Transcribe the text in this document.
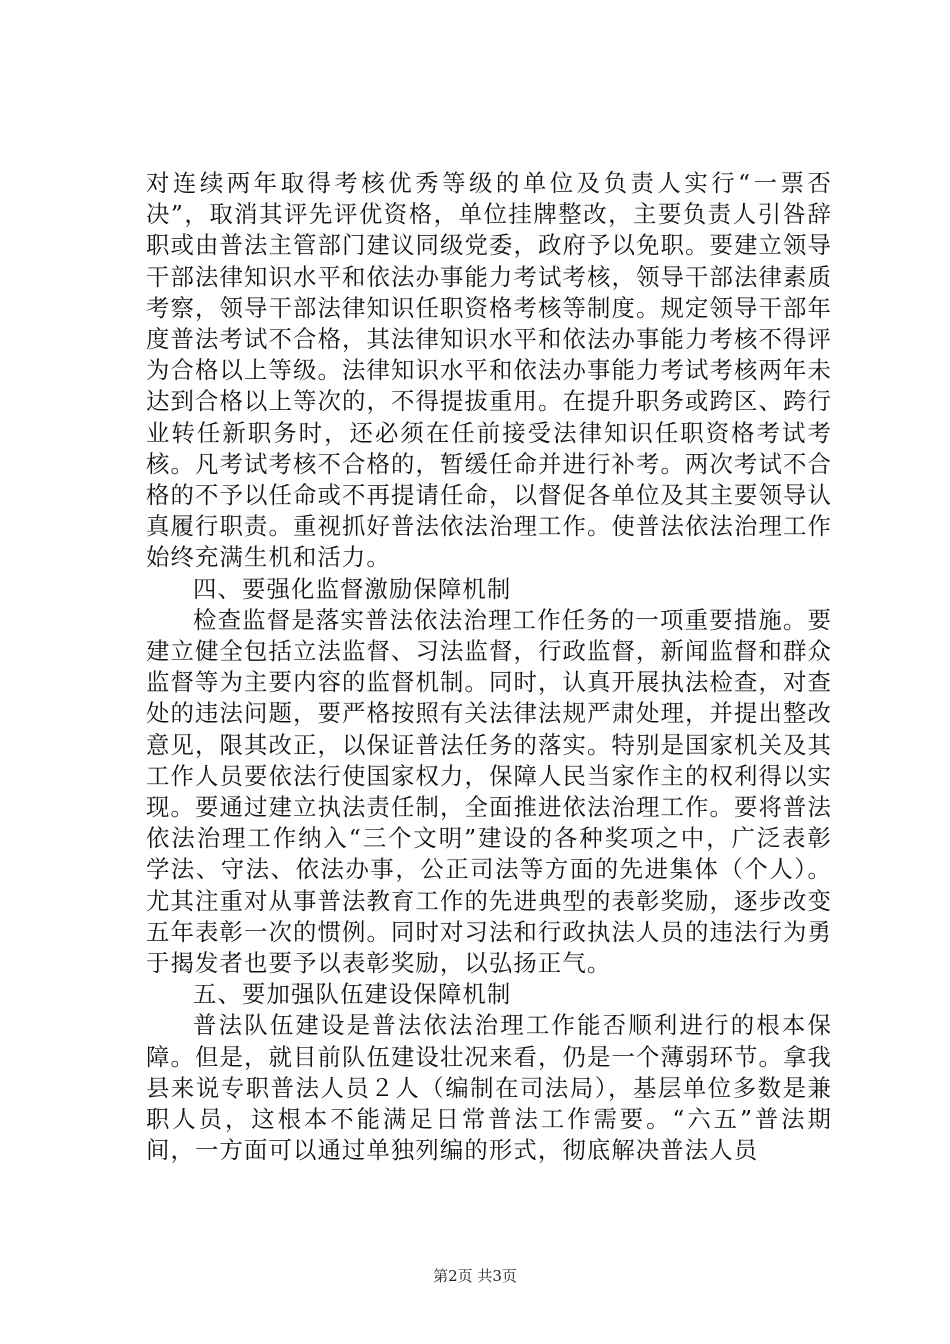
对连续两年取得考核优秀等级的单位及负责人实行“一票否决”，取消其评先评优资格，单位挂牌整改，主要负责人引咎辞职或由普法主管部门建议同级党委，政府予以免职。要建立领导干部法律知识水平和依法办事能力考试考核，领导干部法律素质考察，领导干部法律知识任职资格考核等制度。规定领导干部年度普法考试不合格，其法律知识水平和依法办事能力考核不得评为合格以上等级。法律知识水平和依法办事能力考试考核两年未达到合格以上等次的，不得提拔重用。在提升职务或跨区、跨行业转任新职务时，还必须在任前接受法律知识任职资格考试考核。凡考试考核不合格的，暂缓任命并进行补考。两次考试不合格的不予以任命或不再提请任命，以督促各单位及其主要领导认真履行职责。重视抓好普法依法治理工作。使普法依法治理工作始终充满生机和活力。

四、要强化监督激励保障机制

检查监督是落实普法依法治理工作任务的一项重要措施。要建立健全包括立法监督、习法监督，行政监督，新闻监督和群众监督等为主要内容的监督机制。同时，认真开展执法检查，对查处的违法问题，要严格按照有关法律法规严肃处理，并提出整改意见，限其改正，以保证普法任务的落实。特别是国家机关及其工作人员要依法行使国家权力，保障人民当家作主的权利得以实现。要通过建立执法责任制，全面推进依法治理工作。要将普法依法治理工作纳入“三个文明”建设的各种奖项之中，广泛表彰学法、守法、依法办事，公正司法等方面的先进集体（个人）。尤其注重对从事普法教育工作的先进典型的表彰奖励，逐步改变五年表彰一次的惯例。同时对习法和行政执法人员的违法行为勇于揭发者也要予以表彰奖励，以弘扬正气。

五、要加强队伍建设保障机制

普法队伍建设是普法依法治理工作能否顺利进行的根本保障。但是，就目前队伍建设壮况来看，仍是一个薄弱环节。拿我县来说专职普法人员２人（编制在司法局），基层单位多数是兼职人员，这根本不能满足日常普法工作需要。“六五”普法期间，一方面可以通过单独列编的形式，彻底解决普法人员

第2页 共3页
